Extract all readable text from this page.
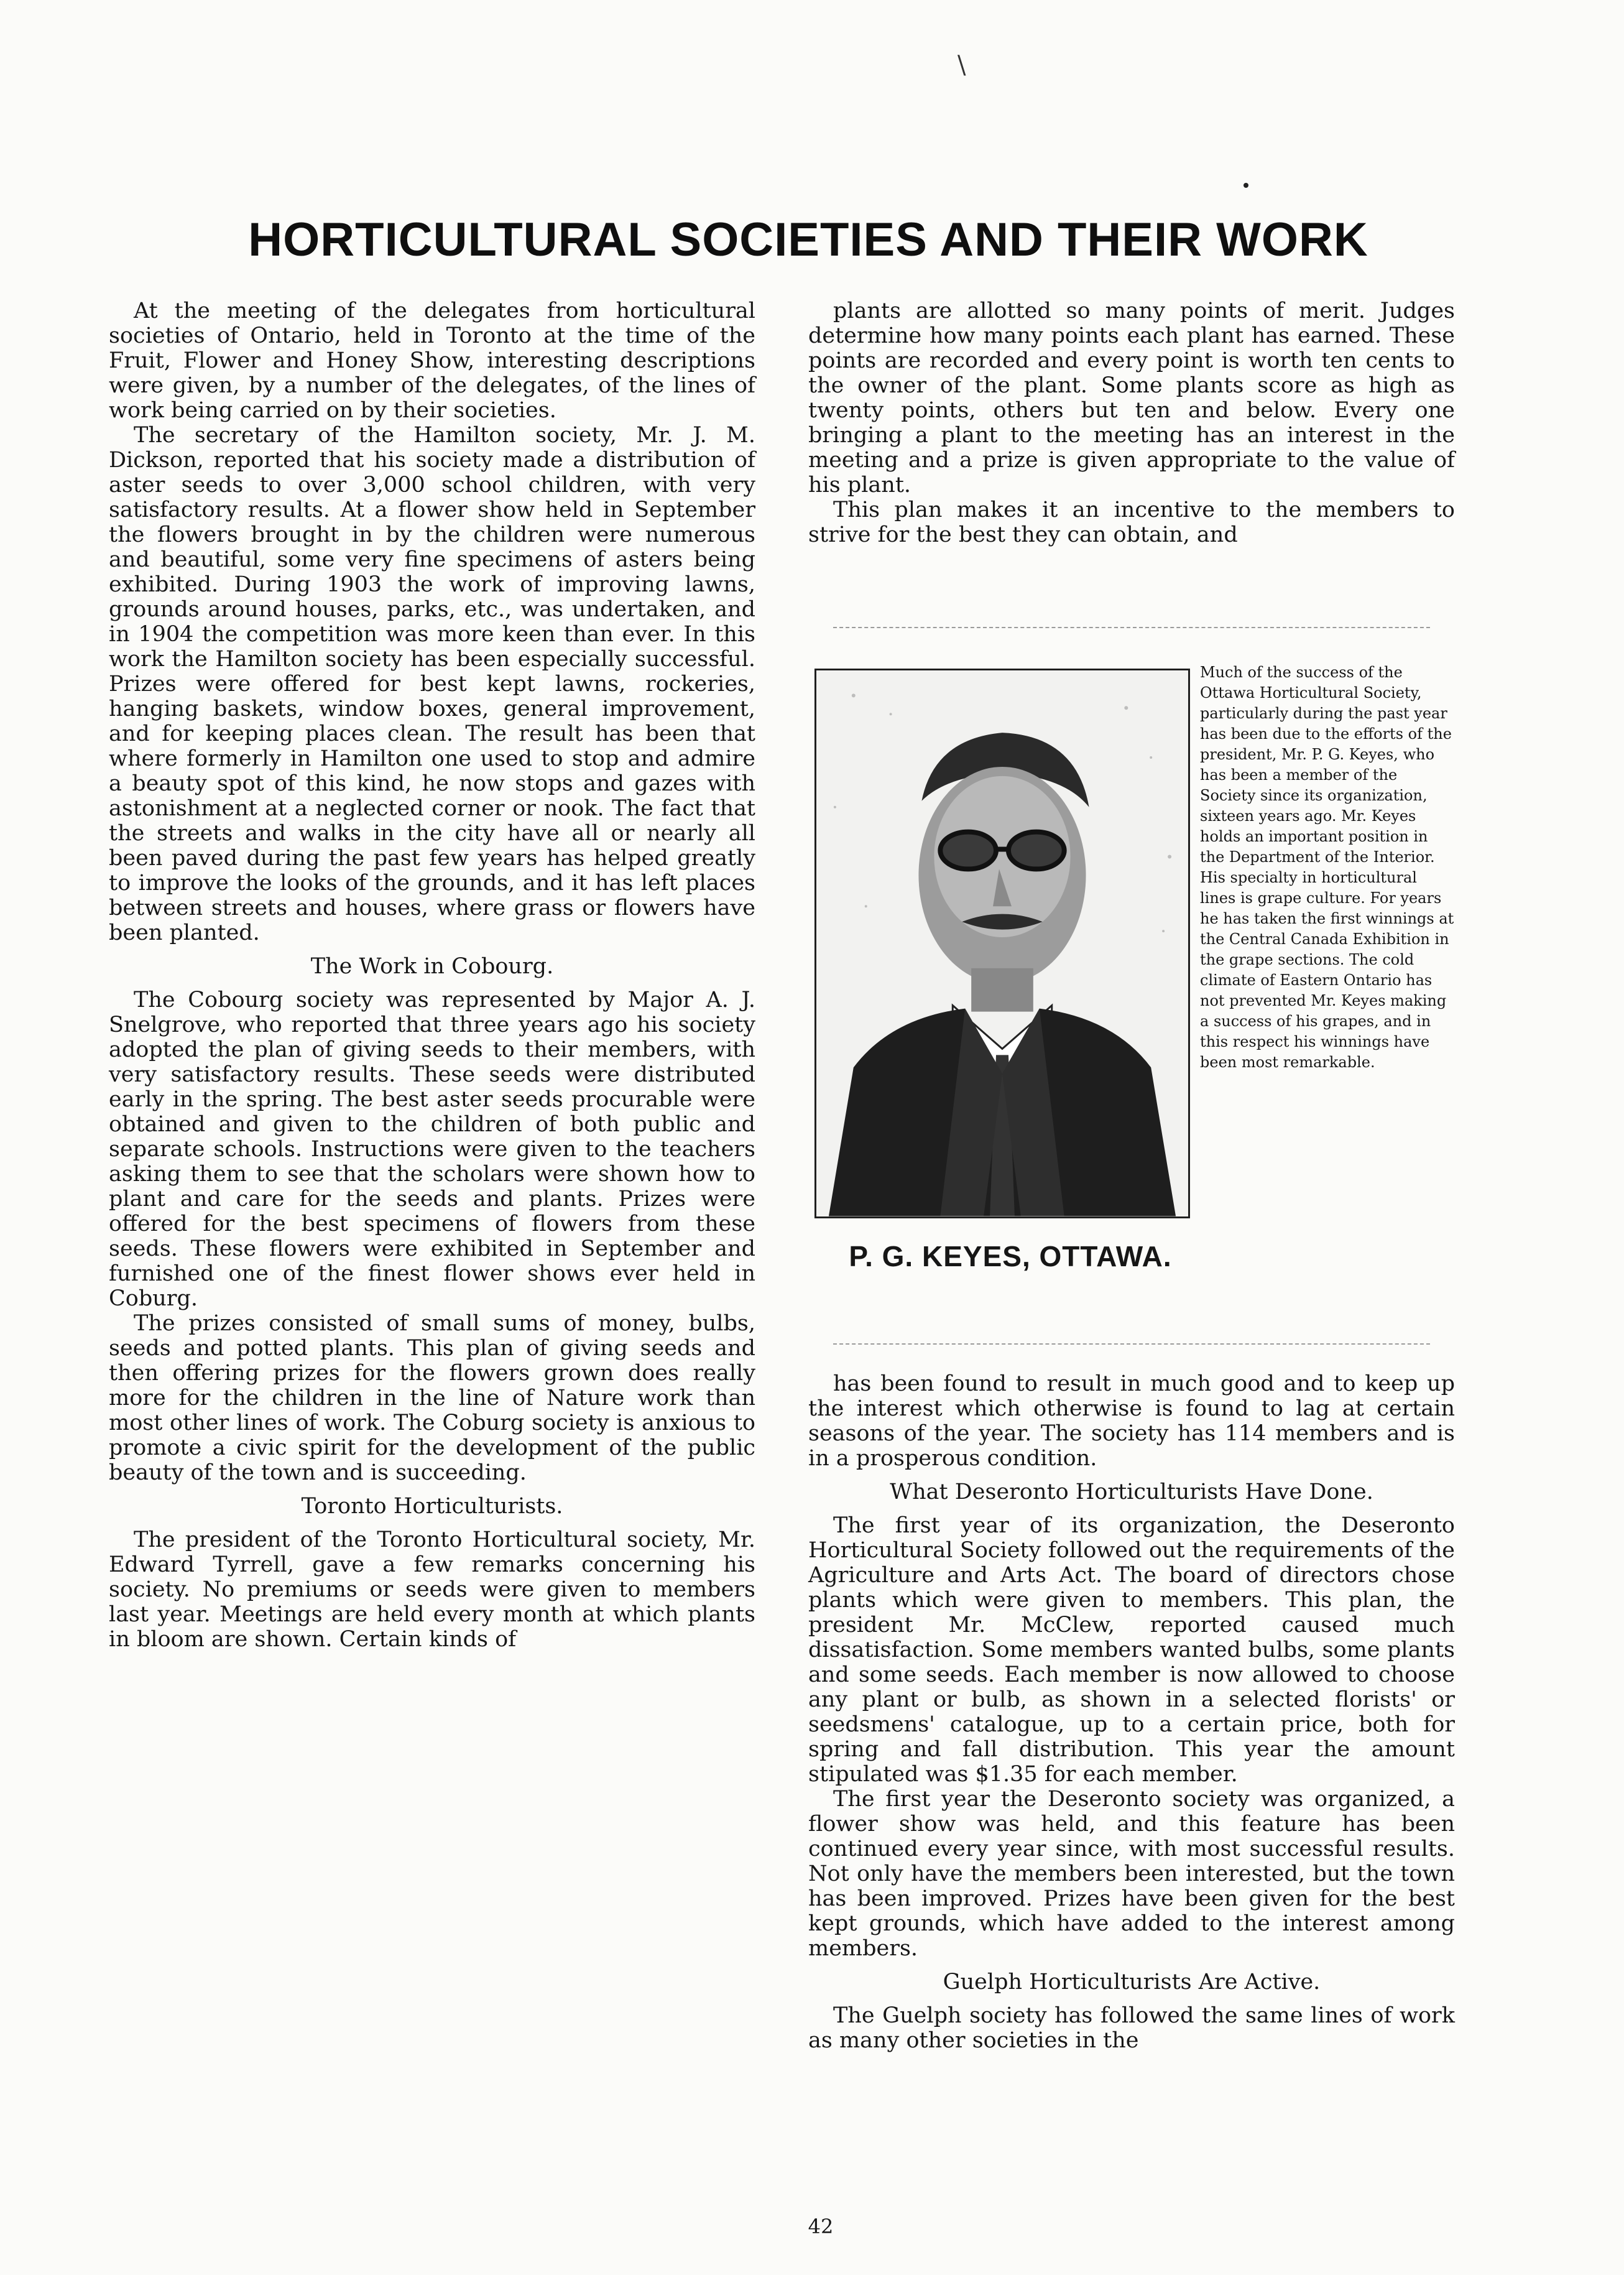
\
HORTICULTURAL SOCIETIES AND THEIR WORK

At the meeting of the delegates from horticultural societies of Ontario, held in Toronto at the time of the Fruit, Flower and Honey Show, interesting descriptions were given, by a number of the delegates, of the lines of work being carried on by their societies.

The secretary of the Hamilton society, Mr. J. M. Dickson, reported that his society made a distribution of aster seeds to over 3,000 school children, with very satisfactory results. At a flower show held in September the flowers brought in by the children were numerous and beautiful, some very fine specimens of asters being exhibited. During 1903 the work of improving lawns, grounds around houses, parks, etc., was undertaken, and in 1904 the competition was more keen than ever. In this work the Hamilton society has been especially successful. Prizes were offered for best kept lawns, rockeries, hanging baskets, window boxes, general improvement, and for keeping places clean. The result has been that where formerly in Hamilton one used to stop and admire a beauty spot of this kind, he now stops and gazes with astonishment at a neglected corner or nook. The fact that the streets and walks in the city have all or nearly all been paved during the past few years has helped greatly to improve the looks of the grounds, and it has left places between streets and houses, where grass or flowers have been planted.

The Work in Cobourg.

The Cobourg society was represented by Major A. J. Snelgrove, who reported that three years ago his society adopted the plan of giving seeds to their members, with very satisfactory results. These seeds were distributed early in the spring. The best aster seeds procurable were obtained and given to the children of both public and separate schools. Instructions were given to the teachers asking them to see that the scholars were shown how to plant and care for the seeds and plants. Prizes were offered for the best specimens of flowers from these seeds. These flowers were exhibited in September and furnished one of the finest flower shows ever held in Coburg.

The prizes consisted of small sums of money, bulbs, seeds and potted plants. This plan of giving seeds and then offering prizes for the flowers grown does really more for the children in the line of Nature work than most other lines of work. The Coburg society is anxious to promote a civic spirit for the development of the public beauty of the town and is succeeding.

Toronto Horticulturists.

The president of the Toronto Horticultural society, Mr. Edward Tyrrell, gave a few remarks concerning his society. No premiums or seeds were given to members last year. Meetings are held every month at which plants in bloom are shown. Certain kinds of

plants are allotted so many points of merit. Judges determine how many points each plant has earned. These points are recorded and every point is worth ten cents to the owner of the plant. Some plants score as high as twenty points, others but ten and below. Every one bringing a plant to the meeting has an interest in the meeting and a prize is given appropriate to the value of his plant.

This plan makes it an incentive to the members to strive for the best they can obtain, and

P. G. KEYES, OTTAWA.

Much of the success of the Ottawa Horticultural Society, particularly during the past year has been due to the efforts of the president, Mr. P. G. Keyes, who has been a member of the Society since its organization, sixteen years ago. Mr. Keyes holds an important position in the Department of the Interior. His specialty in horticultural lines is grape culture. For years he has taken the first winnings at the Central Canada Exhibition in the grape sections. The cold climate of Eastern Ontario has not prevented Mr. Keyes making a success of his grapes, and in this respect his winnings have been most remarkable.

has been found to result in much good and to keep up the interest which otherwise is found to lag at certain seasons of the year. The society has 114 members and is in a prosperous condition.

What Deseronto Horticulturists Have Done.

The first year of its organization, the Deseronto Horticultural Society followed out the requirements of the Agriculture and Arts Act. The board of directors chose plants which were given to members. This plan, the president Mr. McClew, reported caused much dissatisfaction. Some members wanted bulbs, some plants and some seeds. Each member is now allowed to choose any plant or bulb, as shown in a selected florists' or seedsmens' catalogue, up to a certain price, both for spring and fall distribution. This year the amount stipulated was $1.35 for each member.

The first year the Deseronto society was organized, a flower show was held, and this feature has been continued every year since, with most successful results. Not only have the members been interested, but the town has been improved. Prizes have been given for the best kept grounds, which have added to the interest among members.

Guelph Horticulturists Are Active.

The Guelph society has followed the same lines of work as many other societies in the

42
